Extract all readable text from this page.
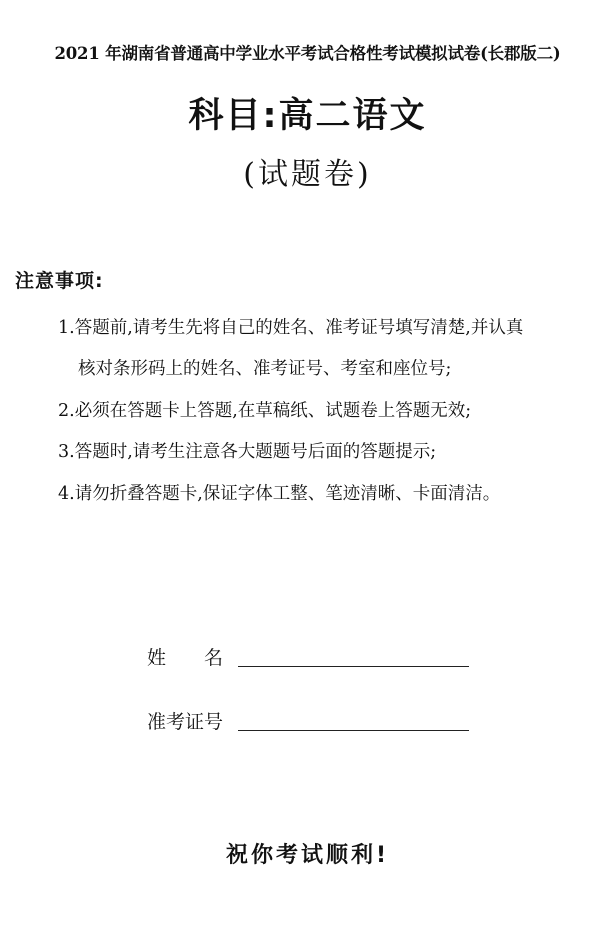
2021 年湖南省普通高中学业水平考试合格性考试模拟试卷(长郡版二)
科目:高二语文
(试题卷)
注意事项:
1.答题前,请考生先将自己的姓名、准考证号填写清楚,并认真
核对条形码上的姓名、准考证号、考室和座位号;
2.必须在答题卡上答题,在草稿纸、试题卷上答题无效;
3.答题时,请考生注意各大题题号后面的答题提示;
4.请勿折叠答题卡,保证字体工整、笔迹清晰、卡面清洁。
姓　　名
准考证号
祝你考试顺利!
